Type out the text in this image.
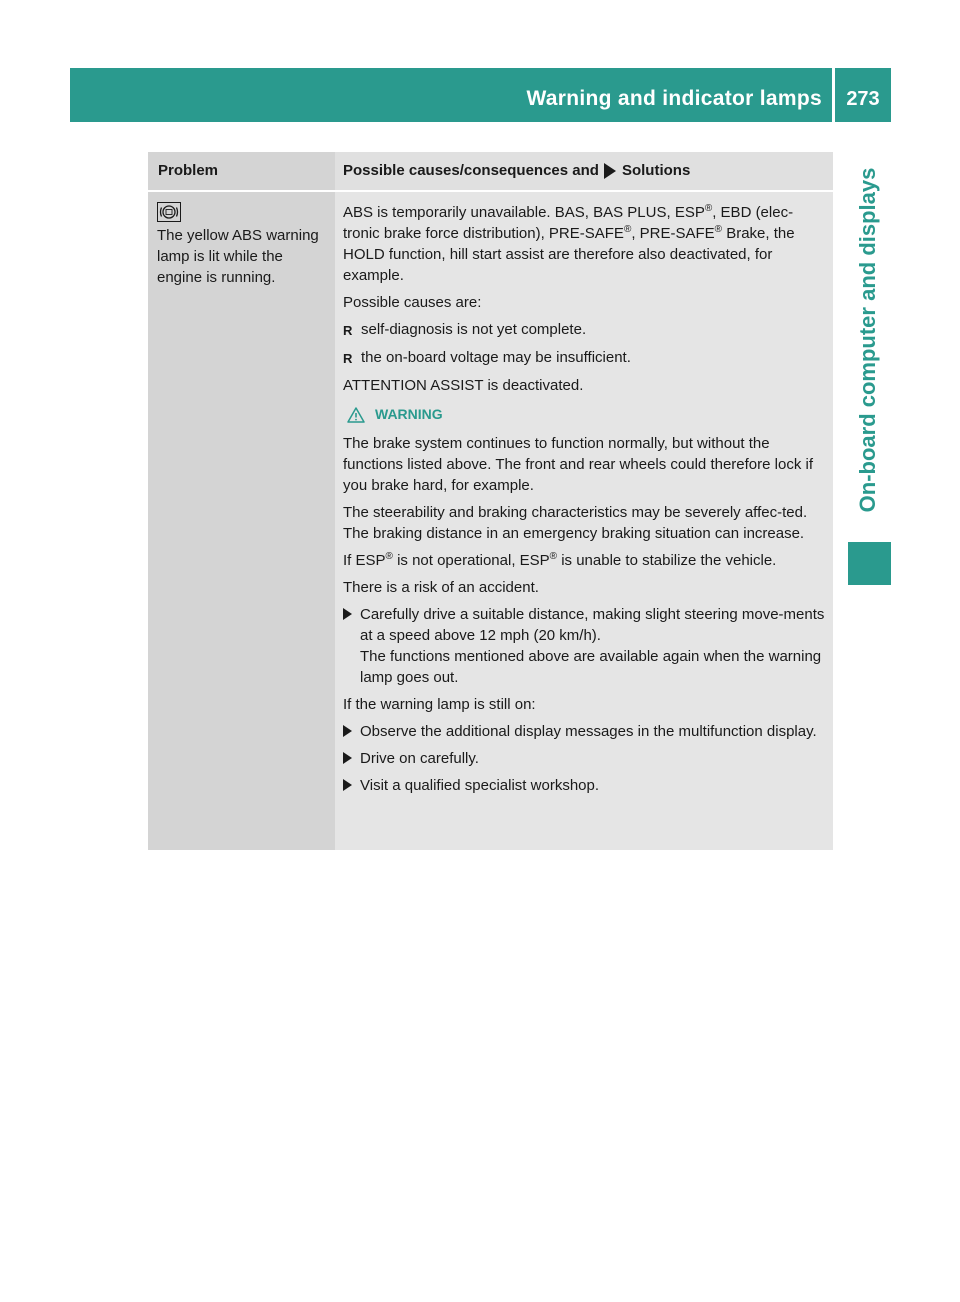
Warning and indicator lamps	273
On-board computer and displays
Problem	Possible causes/consequences and Solutions
The yellow ABS warning lamp is lit while the engine is running.

ABS is temporarily unavailable. BAS, BAS PLUS, ESP®, EBD (elec-tronic brake force distribution), PRE-SAFE®, PRE-SAFE® Brake, the HOLD function, hill start assist are therefore also deactivated, for example.

Possible causes are:

R self-diagnosis is not yet complete.
R the on-board voltage may be insufficient.

ATTENTION ASSIST is deactivated.

WARNING

The brake system continues to function normally, but without the functions listed above. The front and rear wheels could therefore lock if you brake hard, for example.

The steerability and braking characteristics may be severely affec-ted. The braking distance in an emergency braking situation can increase.

If ESP® is not operational, ESP® is unable to stabilize the vehicle.

There is a risk of an accident.

Carefully drive a suitable distance, making slight steering move-ments at a speed above 12 mph (20 km/h).
The functions mentioned above are available again when the warning lamp goes out.

If the warning lamp is still on:

Observe the additional display messages in the multifunction display.
Drive on carefully.
Visit a qualified specialist workshop.
